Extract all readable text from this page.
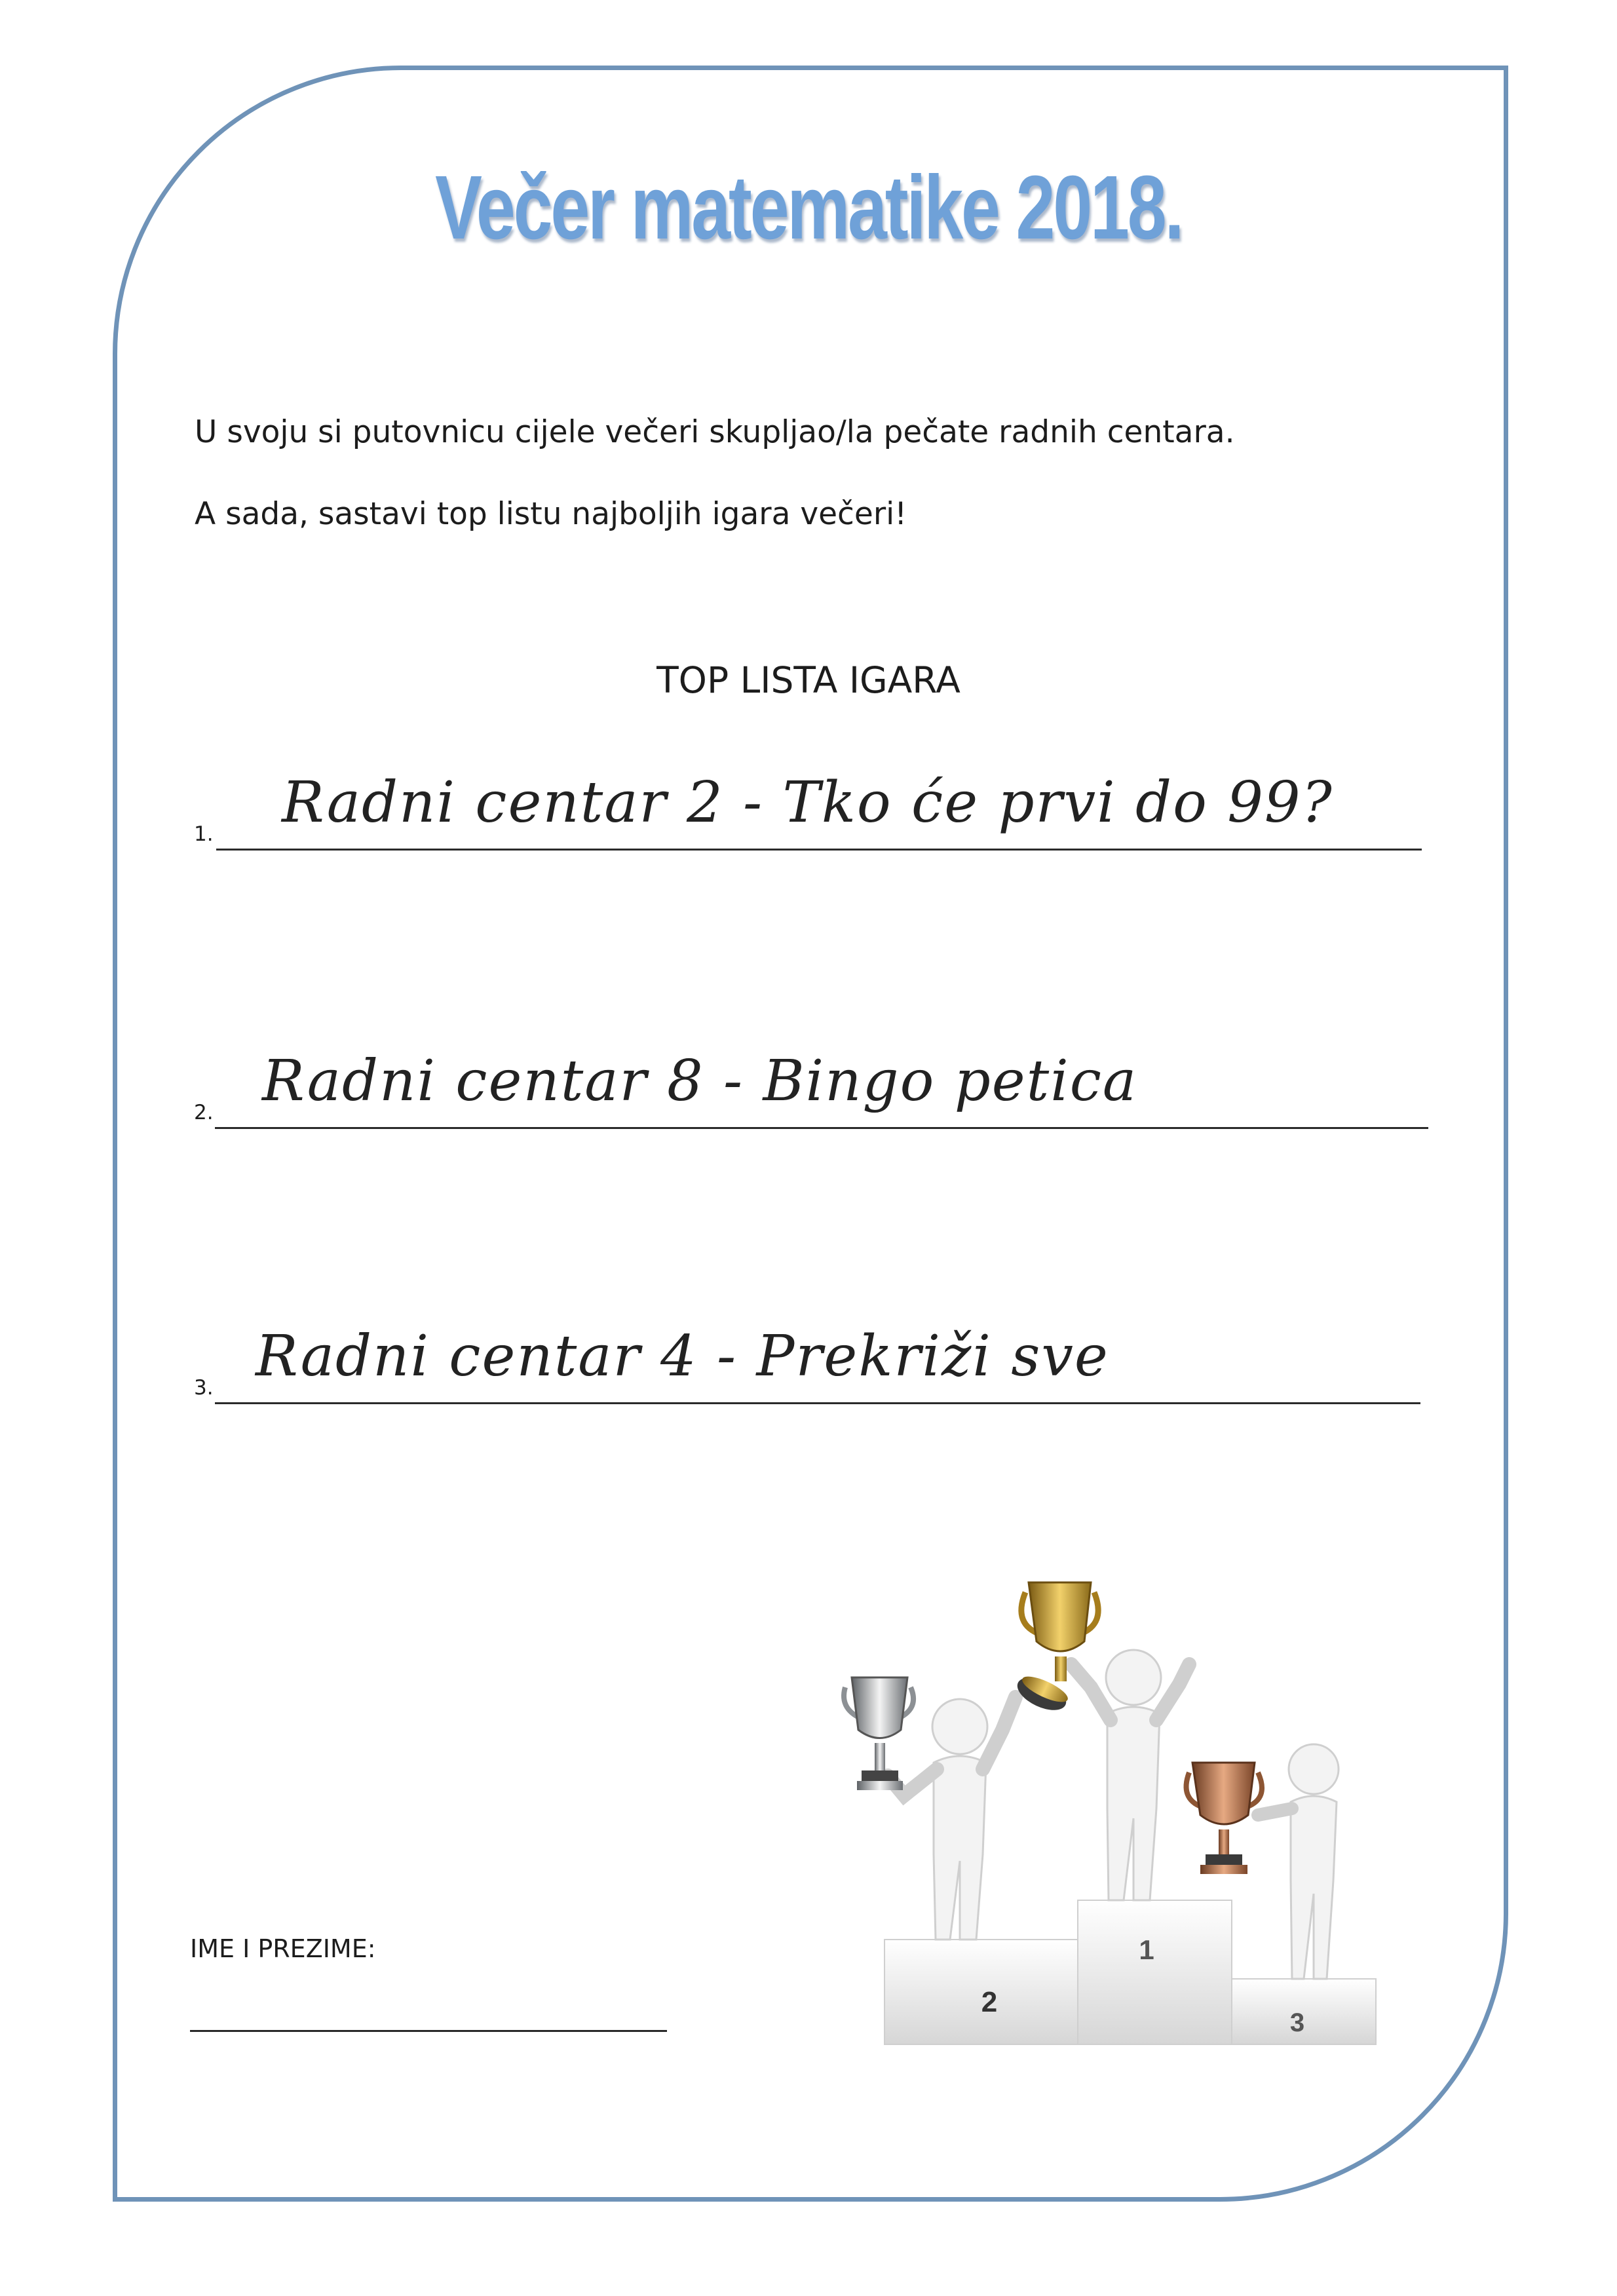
Večer matematike 2018.
U svoju si putovnicu cijele večeri skupljao/la pečate radnih centara.
A sada, sastavi top listu najboljih igara večeri!
TOP LISTA IGARA
1. Radni centar 2 - Tko će prvi do 99?
2. Radni centar 8 - Bingo petica
3. Radni centar 4 - Prekriži sve
IME I PREZIME:
2
1
3
